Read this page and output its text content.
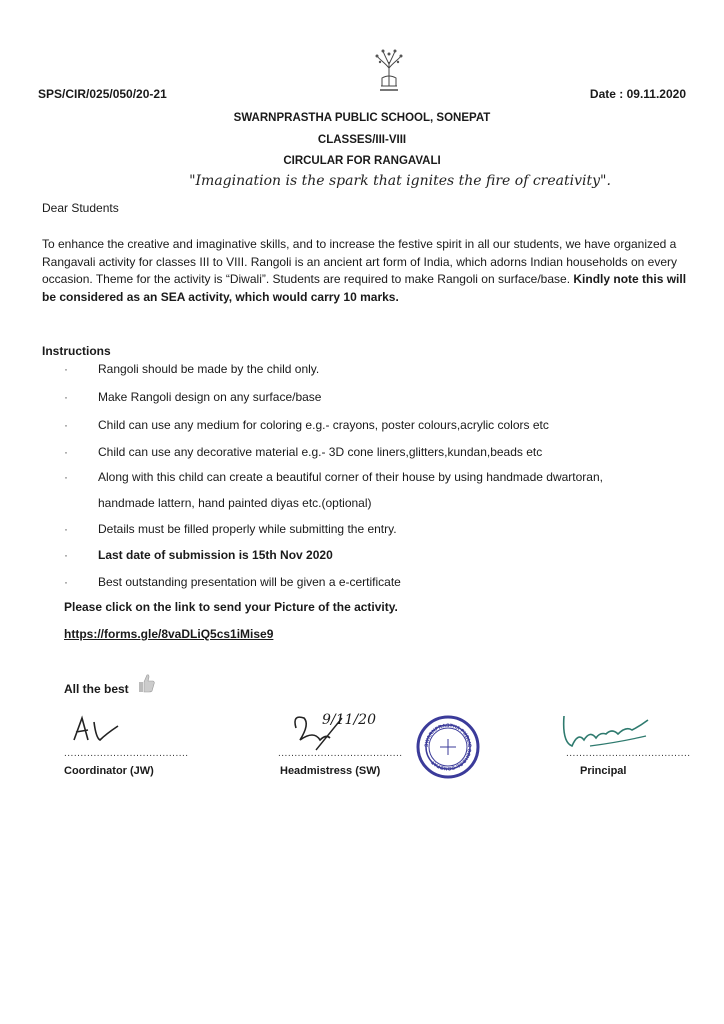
SPS/CIR/025/050/20-21	Date : 09.11.2020
SWARNPRASTHA PUBLIC SCHOOL, SONEPAT
CLASSES/III-VIII
CIRCULAR FOR RANGAVALI
"Imagination is the spark that ignites the fire of creativity".
Dear Students
To enhance the creative and imaginative skills, and to increase the festive spirit in all our students, we have organized a Rangavali activity for classes III to VIII. Rangoli is an ancient art form of India, which adorns Indian households on every occasion. Theme for the activity is “Diwali”. Students are required to make Rangoli on surface/base. Kindly note this will be considered as an SEA activity, which would carry 10 marks.
Instructions
·	Rangoli should be made by the child only.
·	Make Rangoli design on any surface/base
·	Child can use any medium for coloring e.g.- crayons, poster colours,acrylic colors etc
·	Child can use any decorative material e.g.- 3D cone liners,glitters,kundan,beads etc
·	Along with this child can create a beautiful corner of their house by using handmade dwartoran,
handmade lattern, hand painted diyas etc.(optional)
·	Details must be filled properly while submitting the entry.
·	Last date of submission is 15th Nov 2020
·	Best outstanding presentation will be given a e-certificate
Please click on the link to send your Picture of the activity.
https://forms.gle/8vaDLiQ5cs1iMise9
All the best
......................................
Coordinator (JW)
9/11/20
......................................
Headmistress (SW)
SWARNPRASTHA PUBLIC SCHOOL SONEPAT
......................................
Principal
